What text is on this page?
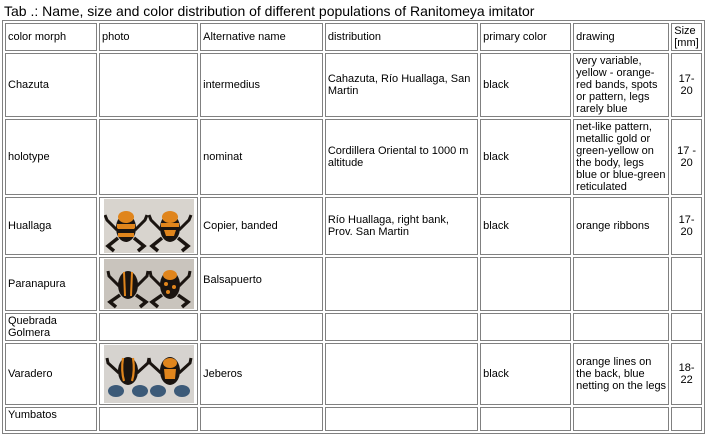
Tab .: Name, size and color distribution of different populations of Ranitomeya imitator
color morph	photo	Alternative name	distribution	primary color	drawing	Size [mm]
Chazuta		intermedius	Cahazuta, Río Huallaga, San Martin	black	very variable, yellow - orange-red bands, spots or pattern, legs rarely blue	17-20
holotype		nominat	Cordillera Oriental to 1000 m altitude	black	net-like pattern, metallic gold or green-yellow on the body, legs blue or blue-green reticulated	17 - 20
Huallaga		Copier, banded	Río Huallaga, right bank, Prov. San Martin	black	orange ribbons	17-20
Paranapura		Balsapuerto				
Quebrada Golmera						
Varadero		Jeberos		black	orange lines on the back, blue netting on the legs	18-22
Yumbatos						
